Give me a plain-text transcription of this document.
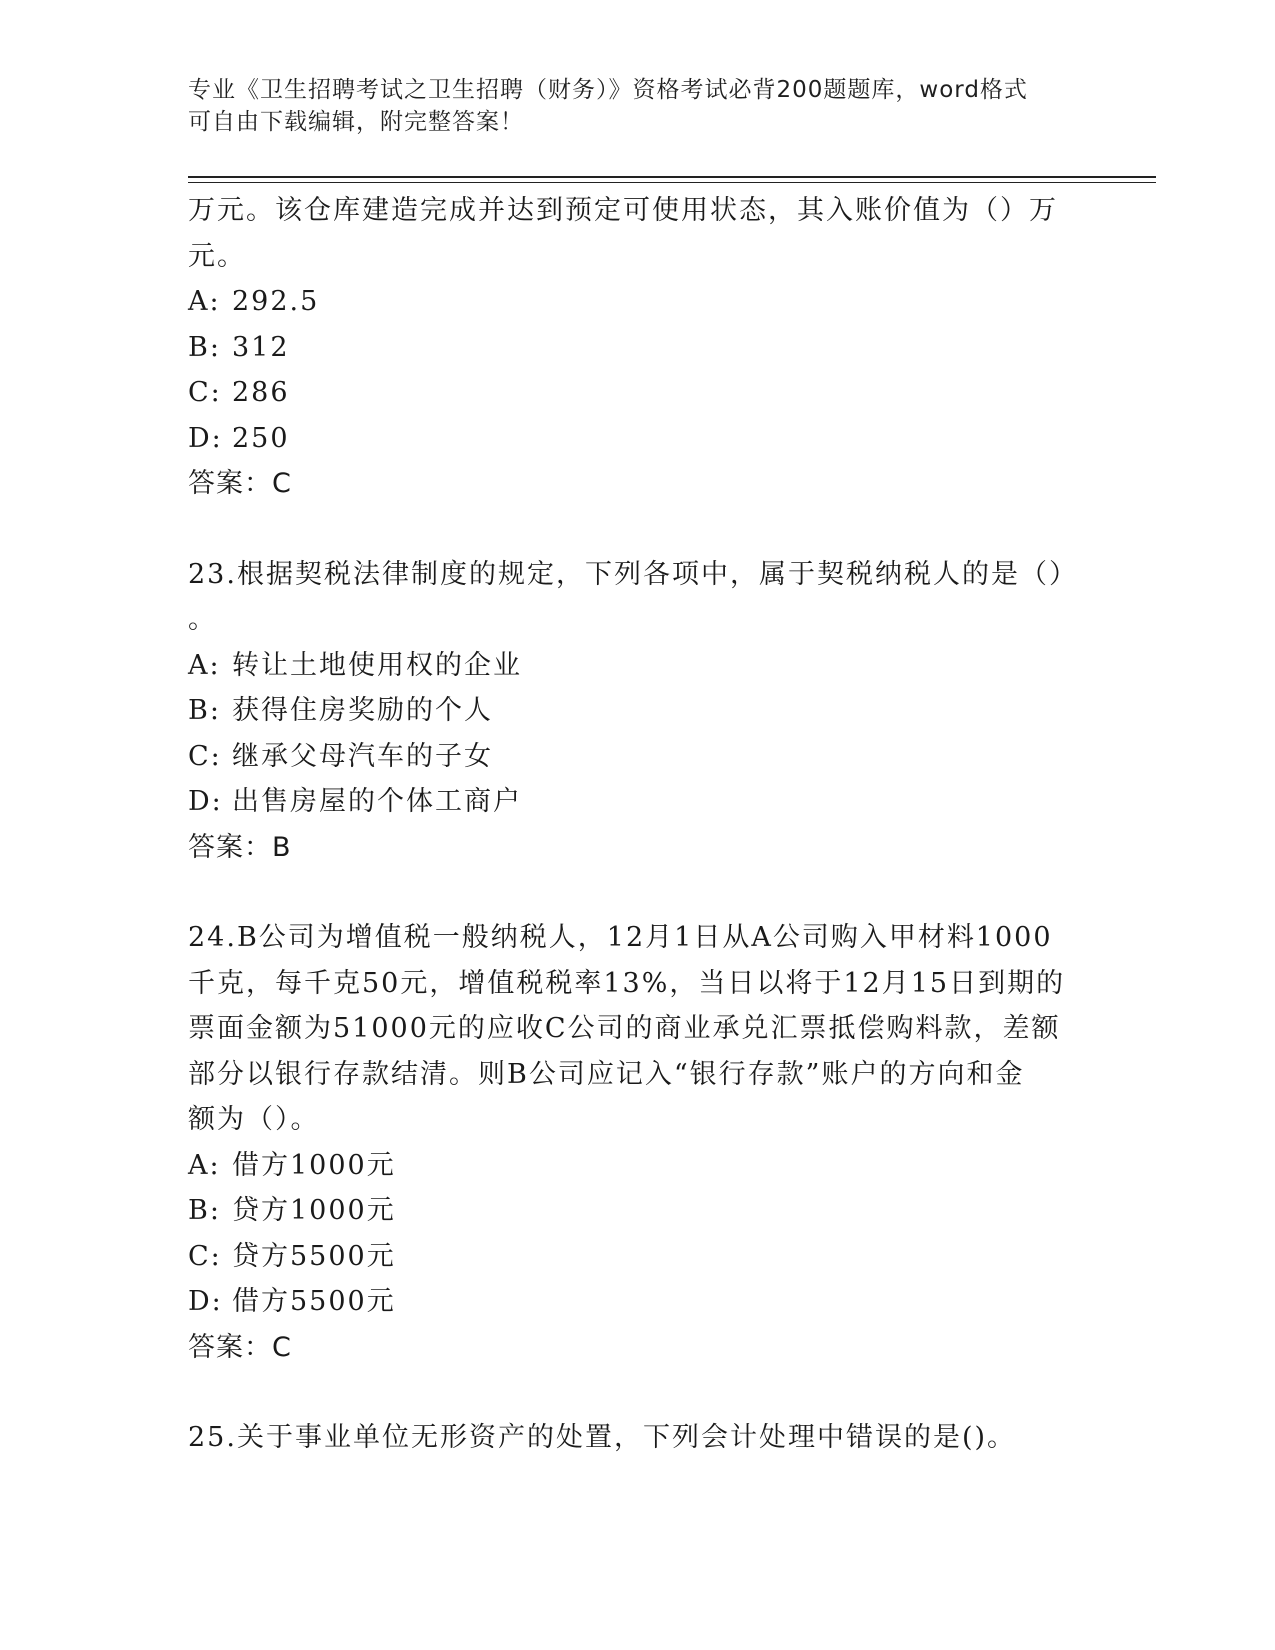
专业《卫生招聘考试之卫生招聘（财务）》资格考试必背200题题库，word格式
可自由下载编辑，附完整答案！
万元。该仓库建造完成并达到预定可使用状态，其入账价值为（）万
元。
A: 292.5
B: 312
C: 286
D: 250
答案：C
23.根据契税法律制度的规定，下列各项中，属于契税纳税人的是（）
。
A: 转让土地使用权的企业
B: 获得住房奖励的个人
C: 继承父母汽车的子女
D: 出售房屋的个体工商户
答案：B
24.B公司为增值税一般纳税人，12月1日从A公司购入甲材料1000
千克，每千克50元，增值税税率13%，当日以将于12月15日到期的
票面金额为51000元的应收C公司的商业承兑汇票抵偿购料款，差额
部分以银行存款结清。则B公司应记入“银行存款”账户的方向和金
额为（）。
A: 借方1000元
B: 贷方1000元
C: 贷方5500元
D: 借方5500元
答案：C
25.关于事业单位无形资产的处置，下列会计处理中错误的是()。
